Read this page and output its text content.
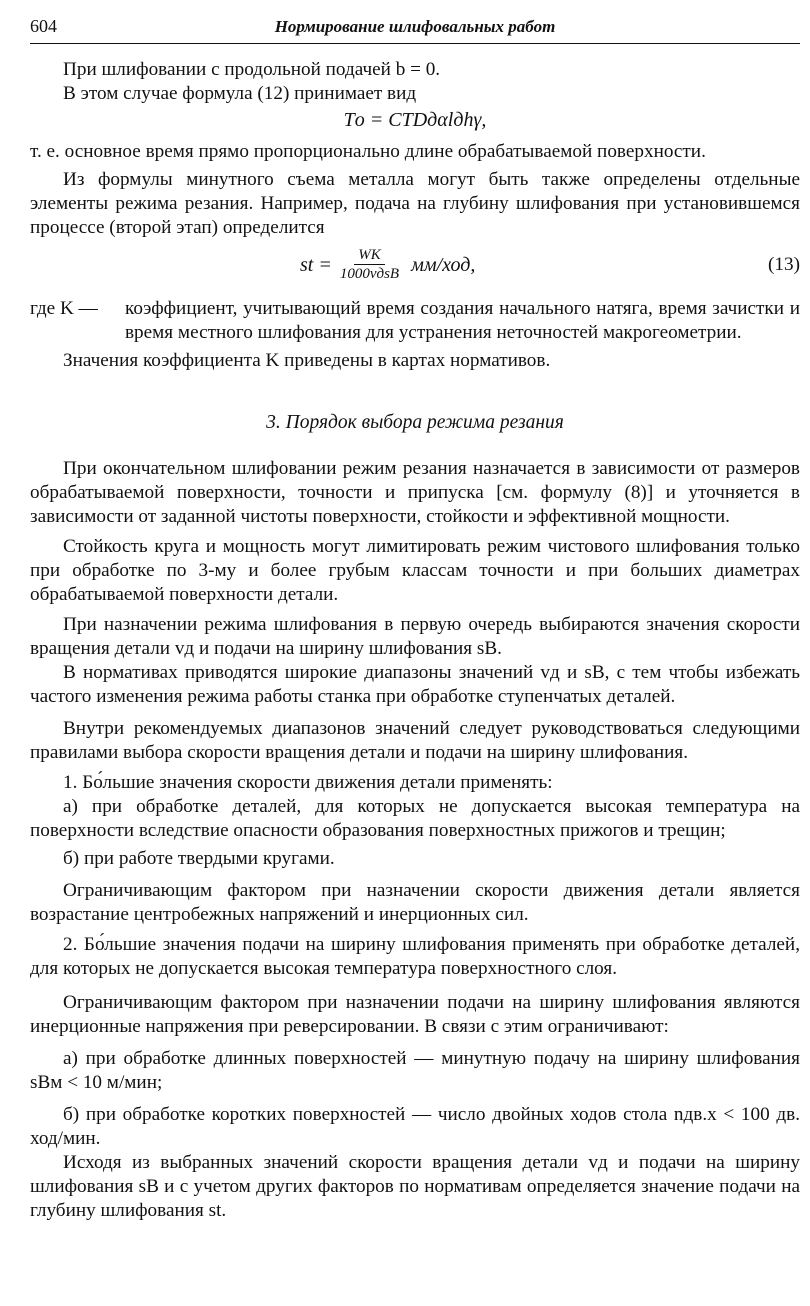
604	Нормирование шлифовальных работ

При шлифовании с продольной подачей b = 0.

В этом случае формула (12) принимает вид

Tо = CTDдαlдhγ,

т. е. основное время прямо пропорционально длине обрабатываемой поверхности.

Из формулы минутного съема металла могут быть также определены отдельные элементы режима резания. Например, подача на глубину шлифования при установившемся процессе (второй этап) определится

st = $\frac{WK}{\text{1000vдsB}} мм/ход$,	(13)
где K —	коэффициент, учитывающий время создания начального натяга, время зачистки и время местного шлифования для устранения неточностей макрогеометрии.

Значения коэффициента K приведены в картах нормативов.

3. Порядок выбора режима резания

При окончательном шлифовании режим резания назначается в зависимости от размеров обрабатываемой поверхности, точности и припуска [см. формулу (8)] и уточняется в зависимости от заданной чистоты поверхности, стойкости и эффективной мощности.

Стойкость круга и мощность могут лимитировать режим чистового шлифования только при обработке по 3-му и более грубым классам точности и при больших диаметрах обрабатываемой поверхности детали.

При назначении режима шлифования в первую очередь выбираются значения скорости вращения детали vд и подачи на ширину шлифования sB.

В нормативах приводятся широкие диапазоны значений vд и sB, с тем чтобы избежать частого изменения режима работы станка при обработке ступенчатых деталей.

Внутри рекомендуемых диапазонов значений следует руководствоваться следующими правилами выбора скорости вращения детали и подачи на ширину шлифования.

1. Бо́льшие значения скорости движения детали применять:

а) при обработке деталей, для которых не допускается высокая температура на поверхности вследствие опасности образования поверхностных прижогов и трещин;

б) при работе твердыми кругами.

Ограничивающим фактором при назначении скорости движения детали является возрастание центробежных напряжений и инерционных сил.

2. Бо́льшие значения подачи на ширину шлифования применять при обработке деталей, для которых не допускается высокая температура поверхностного слоя.

Ограничивающим фактором при назначении подачи на ширину шлифования являются инерционные напряжения при реверсировании. В связи с этим ограничивают:

а) при обработке длинных поверхностей — минутную подачу на ширину шлифования sBм < 10 м/мин;

б) при обработке коротких поверхностей — число двойных ходов стола nдв.х < 100 дв. ход/мин.

Исходя из выбранных значений скорости вращения детали vд и подачи на ширину шлифования sB и с учетом других факторов по нормативам определяется значение подачи на глубину шлифования st.
